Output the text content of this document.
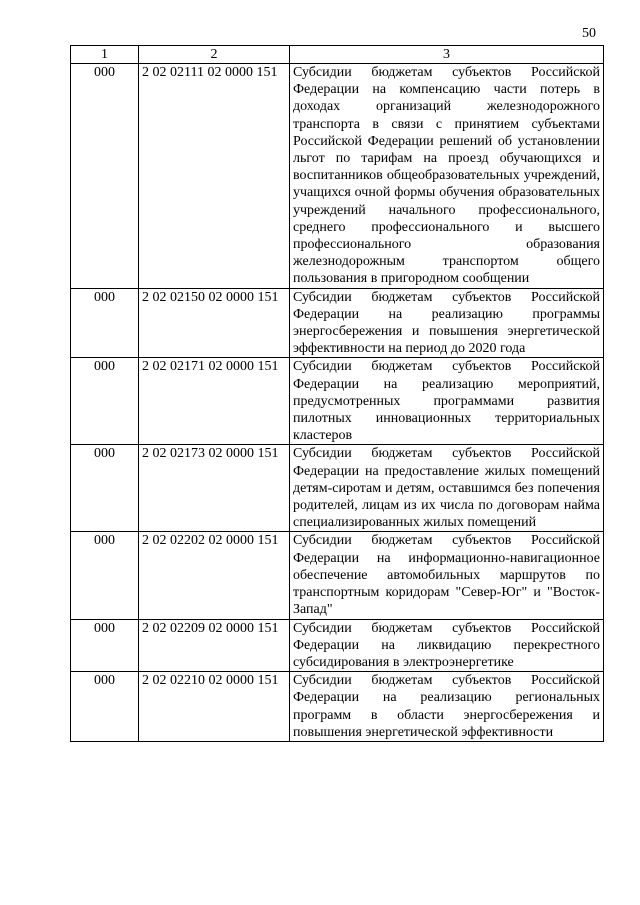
50
1	2	3
000	2 02 02111 02 0000 151	Субсидии бюджетам субъектов Российской Федерации на компенсацию части потерь в доходах организаций железнодорожного транспорта в связи с принятием субъектами Российской Федерации решений об установлении льгот по тарифам на проезд обучающихся и воспитанников общеобразовательных учреждений, учащихся очной формы обучения образовательных учреждений начального профессионального, среднего профессионального и высшего профессионального образования железнодорожным транспортом общего пользования в пригородном сообщении
000	2 02 02150 02 0000 151	Субсидии бюджетам субъектов Российской Федерации на реализацию программы энергосбережения и повышения энергетической эффективности на период до 2020 года
000	2 02 02171 02 0000 151	Субсидии бюджетам субъектов Российской Федерации на реализацию мероприятий, предусмотренных программами развития пилотных инновационных территориальных кластеров
000	2 02 02173 02 0000 151	Субсидии бюджетам субъектов Российской Федерации на предоставление жилых помещений детям-сиротам и детям, оставшимся без попечения родителей, лицам из их числа по договорам найма специализированных жилых помещений
000	2 02 02202 02 0000 151	Субсидии бюджетам субъектов Российской Федерации на информационно-навигационное обеспечение автомобильных маршрутов по транспортным коридорам "Север-Юг" и "Восток-Запад"
000	2 02 02209 02 0000 151	Субсидии бюджетам субъектов Российской Федерации на ликвидацию перекрестного субсидирования в электроэнергетике
000	2 02 02210 02 0000 151	Субсидии бюджетам субъектов Российской Федерации на реализацию региональных программ в области энергосбережения и повышения энергетической эффективности
